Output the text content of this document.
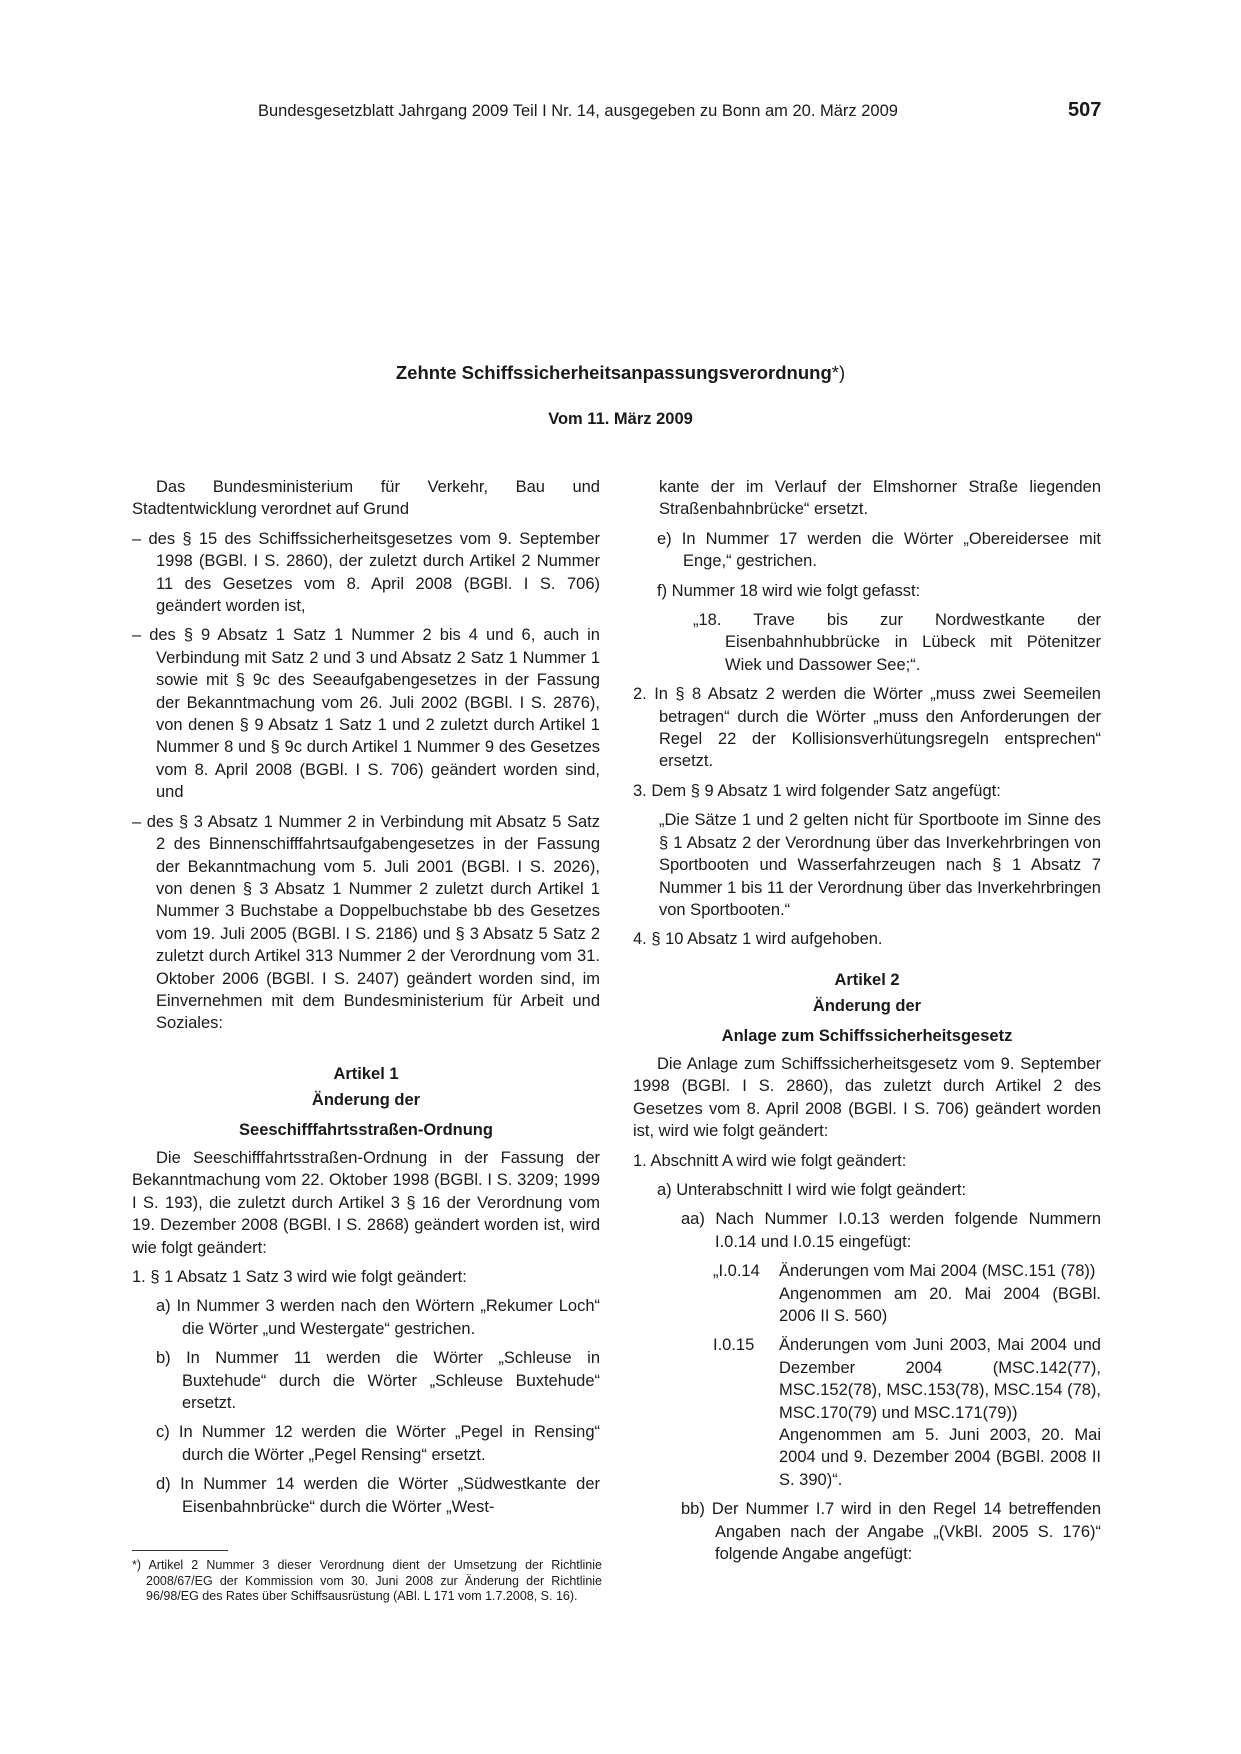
Bundesgesetzblatt Jahrgang 2009 Teil I Nr. 14, ausgegeben zu Bonn am 20. März 2009	507
Zehnte Schiffssicherheitsanpassungsverordnung*)
Vom 11. März 2009

Das Bundesministerium für Verkehr, Bau und Stadtentwicklung verordnet auf Grund

– des § 15 des Schiffssicherheitsgesetzes vom 9. September 1998 (BGBl. I S. 2860), der zuletzt durch Artikel 2 Nummer 11 des Gesetzes vom 8. April 2008 (BGBl. I S. 706) geändert worden ist,

– des § 9 Absatz 1 Satz 1 Nummer 2 bis 4 und 6, auch in Verbindung mit Satz 2 und 3 und Absatz 2 Satz 1 Nummer 1 sowie mit § 9c des Seeaufgabengesetzes in der Fassung der Bekanntmachung vom 26. Juli 2002 (BGBl. I S. 2876), von denen § 9 Absatz 1 Satz 1 und 2 zuletzt durch Artikel 1 Nummer 8 und § 9c durch Artikel 1 Nummer 9 des Gesetzes vom 8. April 2008 (BGBl. I S. 706) geändert worden sind, und

– des § 3 Absatz 1 Nummer 2 in Verbindung mit Absatz 5 Satz 2 des Binnenschifffahrtsaufgabengesetzes in der Fassung der Bekanntmachung vom 5. Juli 2001 (BGBl. I S. 2026), von denen § 3 Absatz 1 Nummer 2 zuletzt durch Artikel 1 Nummer 3 Buchstabe a Doppelbuchstabe bb des Gesetzes vom 19. Juli 2005 (BGBl. I S. 2186) und § 3 Absatz 5 Satz 2 zuletzt durch Artikel 313 Nummer 2 der Verordnung vom 31. Oktober 2006 (BGBl. I S. 2407) geändert worden sind, im Einvernehmen mit dem Bundesministerium für Arbeit und Soziales:

Artikel 1

Änderung der

Seeschifffahrtsstraßen-Ordnung

Die Seeschifffahrtsstraßen-Ordnung in der Fassung der Bekanntmachung vom 22. Oktober 1998 (BGBl. I S. 3209; 1999 I S. 193), die zuletzt durch Artikel 3 § 16 der Verordnung vom 19. Dezember 2008 (BGBl. I S. 2868) geändert worden ist, wird wie folgt geändert:

1. § 1 Absatz 1 Satz 3 wird wie folgt geändert:

a) In Nummer 3 werden nach den Wörtern „Rekumer Loch“ die Wörter „und Westergate“ gestrichen.

b) In Nummer 11 werden die Wörter „Schleuse in Buxtehude“ durch die Wörter „Schleuse Buxtehude“ ersetzt.

c) In Nummer 12 werden die Wörter „Pegel in Rensing“ durch die Wörter „Pegel Rensing“ ersetzt.

d) In Nummer 14 werden die Wörter „Südwestkante der Eisenbahnbrücke“ durch die Wörter „West-

kante der im Verlauf der Elmshorner Straße liegenden Straßenbahnbrücke“ ersetzt.

e) In Nummer 17 werden die Wörter „Obereidersee mit Enge,“ gestrichen.

f) Nummer 18 wird wie folgt gefasst:

„18. Trave bis zur Nordwestkante der Eisenbahnhubbrücke in Lübeck mit Pötenitzer Wiek und Dassower See;“.

2. In § 8 Absatz 2 werden die Wörter „muss zwei Seemeilen betragen“ durch die Wörter „muss den Anforderungen der Regel 22 der Kollisionsverhütungsregeln entsprechen“ ersetzt.

3. Dem § 9 Absatz 1 wird folgender Satz angefügt:

„Die Sätze 1 und 2 gelten nicht für Sportboote im Sinne des § 1 Absatz 2 der Verordnung über das Inverkehrbringen von Sportbooten und Wasserfahrzeugen nach § 1 Absatz 7 Nummer 1 bis 11 der Verordnung über das Inverkehrbringen von Sportbooten.“

4. § 10 Absatz 1 wird aufgehoben.

Artikel 2

Änderung der

Anlage zum Schiffssicherheitsgesetz

Die Anlage zum Schiffssicherheitsgesetz vom 9. September 1998 (BGBl. I S. 2860), das zuletzt durch Artikel 2 des Gesetzes vom 8. April 2008 (BGBl. I S. 706) geändert worden ist, wird wie folgt geändert:

1. Abschnitt A wird wie folgt geändert:

a) Unterabschnitt I wird wie folgt geändert:

aa) Nach Nummer I.0.13 werden folgende Nummern I.0.14 und I.0.15 eingefügt:

„I.0.14	Änderungen vom Mai 2004 (MSC.151 (78))
Angenommen am 20. Mai 2004 (BGBl. 2006 II S. 560)
I.0.15	Änderungen vom Juni 2003, Mai 2004 und Dezember 2004 (MSC.142(77), MSC.152(78), MSC.153(78), MSC.154 (78), MSC.170(79) und MSC.171(79))
Angenommen am 5. Juni 2003, 20. Mai 2004 und 9. Dezember 2004 (BGBl. 2008 II S. 390)“.

bb) Der Nummer I.7 wird in den Regel 14 betreffenden Angaben nach der Angabe „(VkBl. 2005 S. 176)“ folgende Angabe angefügt:

*) Artikel 2 Nummer 3 dieser Verordnung dient der Umsetzung der Richtlinie 2008/67/EG der Kommission vom 30. Juni 2008 zur Änderung der Richtlinie 96/98/EG des Rates über Schiffsausrüstung (ABl. L 171 vom 1.7.2008, S. 16).
